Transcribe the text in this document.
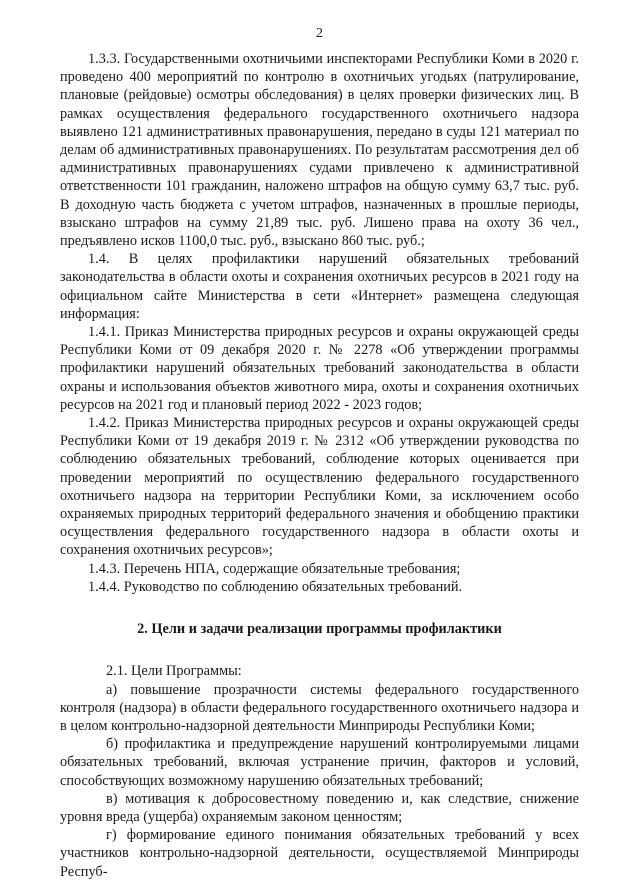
2

1.3.3. Государственными охотничьими инспекторами Республики Коми в 2020 г. проведено 400 мероприятий по контролю в охотничьих угодьях (патрулирование, плановые (рейдовые) осмотры обследования) в целях проверки физических лиц. В рамках осуществления федерального государственного охотничьего надзора выявлено 121 административных правонарушения, передано в суды 121 материал по делам об административных правонарушениях. По результатам рассмотрения дел об административных правонарушениях судами привлечено к административной ответственности 101 гражданин, наложено штрафов на общую сумму 63,7 тыс. руб. В доходную часть бюджета с учетом штрафов, назначенных в прошлые периоды, взыскано штрафов на сумму 21,89 тыс. руб. Лишено права на охоту 36 чел., предъявлено исков 1100,0 тыс. руб., взыскано 860 тыс. руб.;

1.4. В целях профилактики нарушений обязательных требований законодательства в области охоты и сохранения охотничьих ресурсов в 2021 году на официальном сайте Министерства в сети «Интернет» размещена следующая информация:

1.4.1. Приказ Министерства природных ресурсов и охраны окружающей среды Республики Коми от 09 декабря 2020 г. № 2278 «Об утверждении программы профилактики нарушений обязательных требований законодательства в области охраны и использования объектов животного мира, охоты и сохранения охотничьих ресурсов на 2021 год и плановый период 2022 - 2023 годов;

1.4.2. Приказ Министерства природных ресурсов и охраны окружающей среды Республики Коми от 19 декабря 2019 г. № 2312 «Об утверждении руководства по соблюдению обязательных требований, соблюдение которых оценивается при проведении мероприятий по осуществлению федерального государственного охотничьего надзора на территории Республики Коми, за исключением особо охраняемых природных территорий федерального значения и обобщению практики осуществления федерального государственного надзора в области охоты и сохранения охотничьих ресурсов»;

1.4.3. Перечень НПА, содержащие обязательные требования;

1.4.4. Руководство по соблюдению обязательных требований.

2. Цели и задачи реализации программы профилактики

2.1. Цели Программы:

а) повышение прозрачности системы федерального государственного контроля (надзора) в области федерального государственного охотничьего надзора и в целом контрольно-надзорной деятельности Минприроды Республики Коми;

б) профилактика и предупреждение нарушений контролируемыми лицами обязательных требований, включая устранение причин, факторов и условий, способствующих возможному нарушению обязательных требований;

в) мотивация к добросовестному поведению и, как следствие, снижение уровня вреда (ущерба) охраняемым законом ценностям;

г) формирование единого понимания обязательных требований у всех участников контрольно-надзорной деятельности, осуществляемой Минприроды Респуб-
